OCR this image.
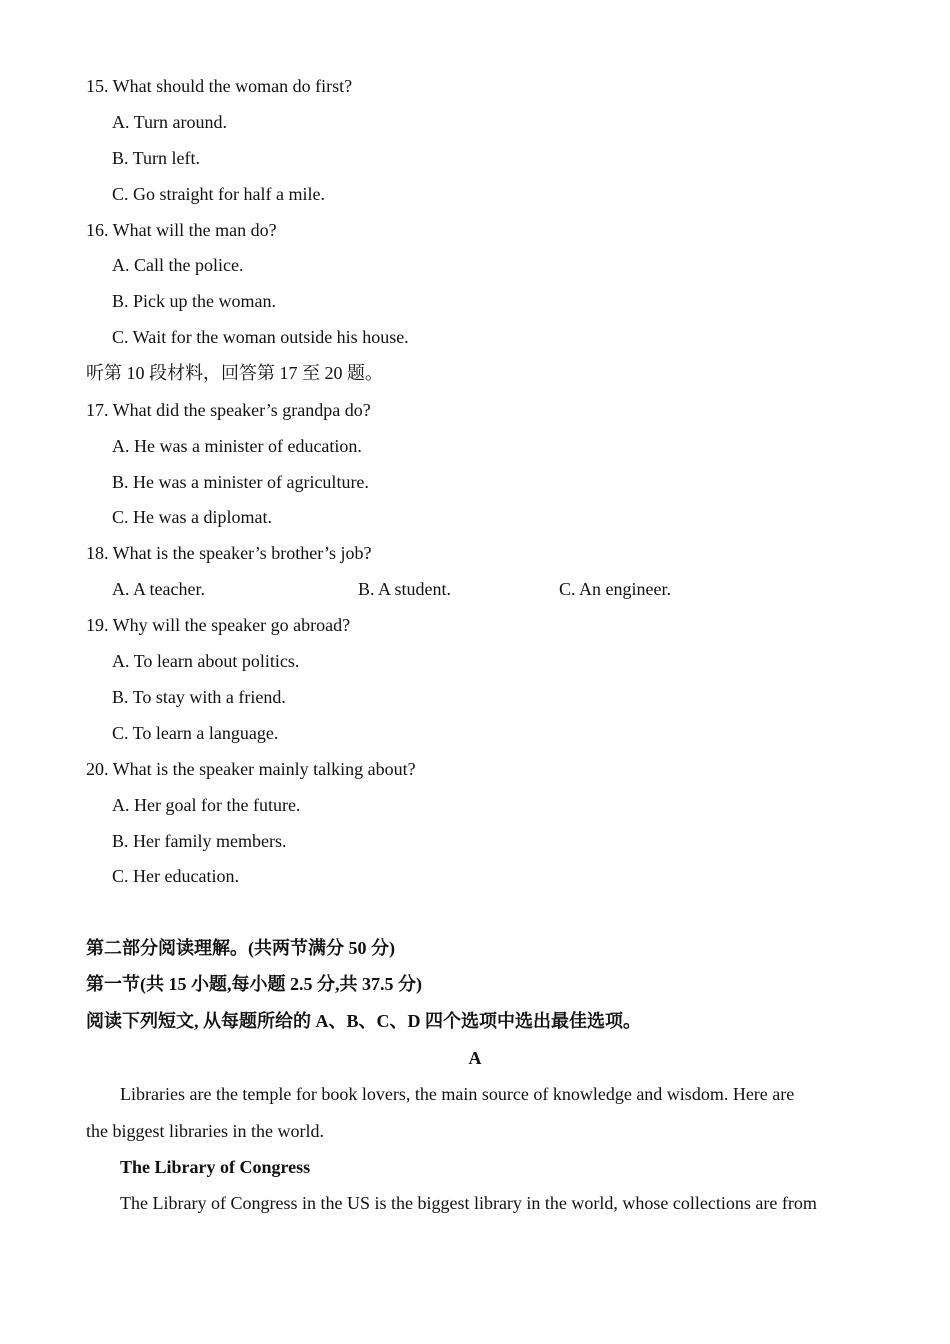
15. What should the woman do first?
A. Turn around.
B. Turn left.
C. Go straight for half a mile.
16. What will the man do?
A. Call the police.
B. Pick up the woman.
C. Wait for the woman outside his house.
听第 10 段材料，回答第 17 至 20 题。
17. What did the speaker’s grandpa do?
A. He was a minister of education.
B. He was a minister of agriculture.
C. He was a diplomat.
18. What is the speaker’s brother’s job?
A. A teacher.	B. A student.	C. An engineer.
19. Why will the speaker go abroad?
A. To learn about politics.
B. To stay with a friend.
C. To learn a language.
20. What is the speaker mainly talking about?
A. Her goal for the future.
B. Her family members.
C. Her education.
第二部分阅读理解。(共两节满分 50 分)
第一节(共 15 小题,每小题 2.5 分,共 37.5 分)
阅读下列短文, 从每题所给的 A、B、C、D 四个选项中选出最佳选项。
A
Libraries are the temple for book lovers, the main source of knowledge and wisdom. Here are
the biggest libraries in the world.
The Library of Congress
The Library of Congress in the US is the biggest library in the world, whose collections are from
